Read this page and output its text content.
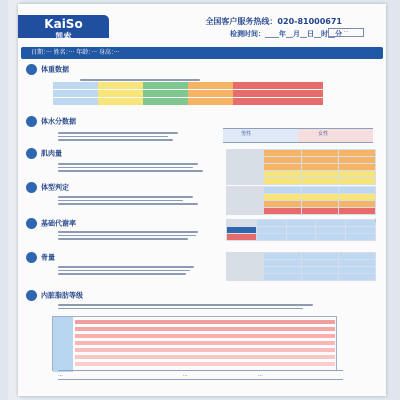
KaiSo
凯索
全国客户服务热线：020-81000671
检测时间：____年__月__日__时__分 ···
日期：··· 姓名：··· 年龄：··· 身高：···
体重数据
体水分数据
男性	女性
肌肉量

体型判定

基础代谢率

骨量

内脏脂肪等级
···	···	···
···
